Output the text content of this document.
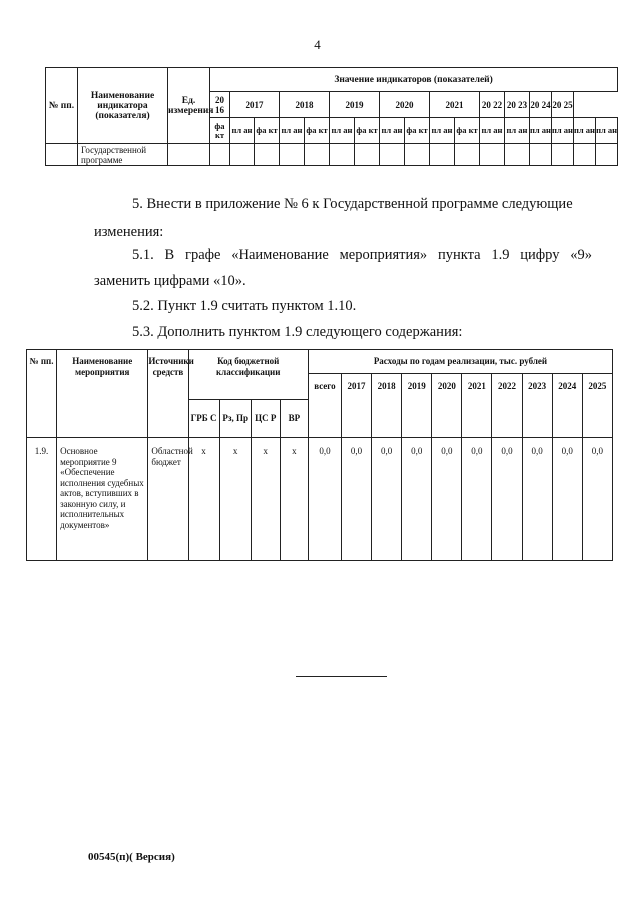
4
№ пп.	Наименование индикатора (показателя)	Ед. измерения	Значение индикаторов (показателей)																
			20 16	2017		2018		2019		2020		2021		20 22	20 23	20 24	20 25		
			фа кт	пл ан	фа кт	пл ан	фа кт	пл ан	фа кт	пл ан	фа кт	пл ан	фа кт	пл ан	пл ан	пл ан	пл ан	пл ан	пл ан
	Государственной программе																		
5. Внести в приложение № 6 к Государственной программе следующие
изменения:
5.1. В графе «Наименование мероприятия» пункта 1.9 цифру «9»
заменить цифрами «10».
5.2. Пункт 1.9 считать пунктом 1.10.
5.3. Дополнить пунктом 1.9 следующего содержания:
№ пп.	Наименование мероприятия	Источники средств	Код бюджетной классификации				Расходы по годам реализации, тыс. рублей									
							всего	2017	2018	2019	2020	2021	2022	2023	2024	2025
			ГРБ С	Рз, Пр	ЦС Р	ВР										
1.9.	Основное мероприятие 9 «Обеспечение исполнения судебных актов, вступивших в законную силу, и исполнительных документов»	Областной бюджет	x	x	x	x	0,0	0,0	0,0	0,0	0,0	0,0	0,0	0,0	0,0	0,0
00545(п)( Версия)
